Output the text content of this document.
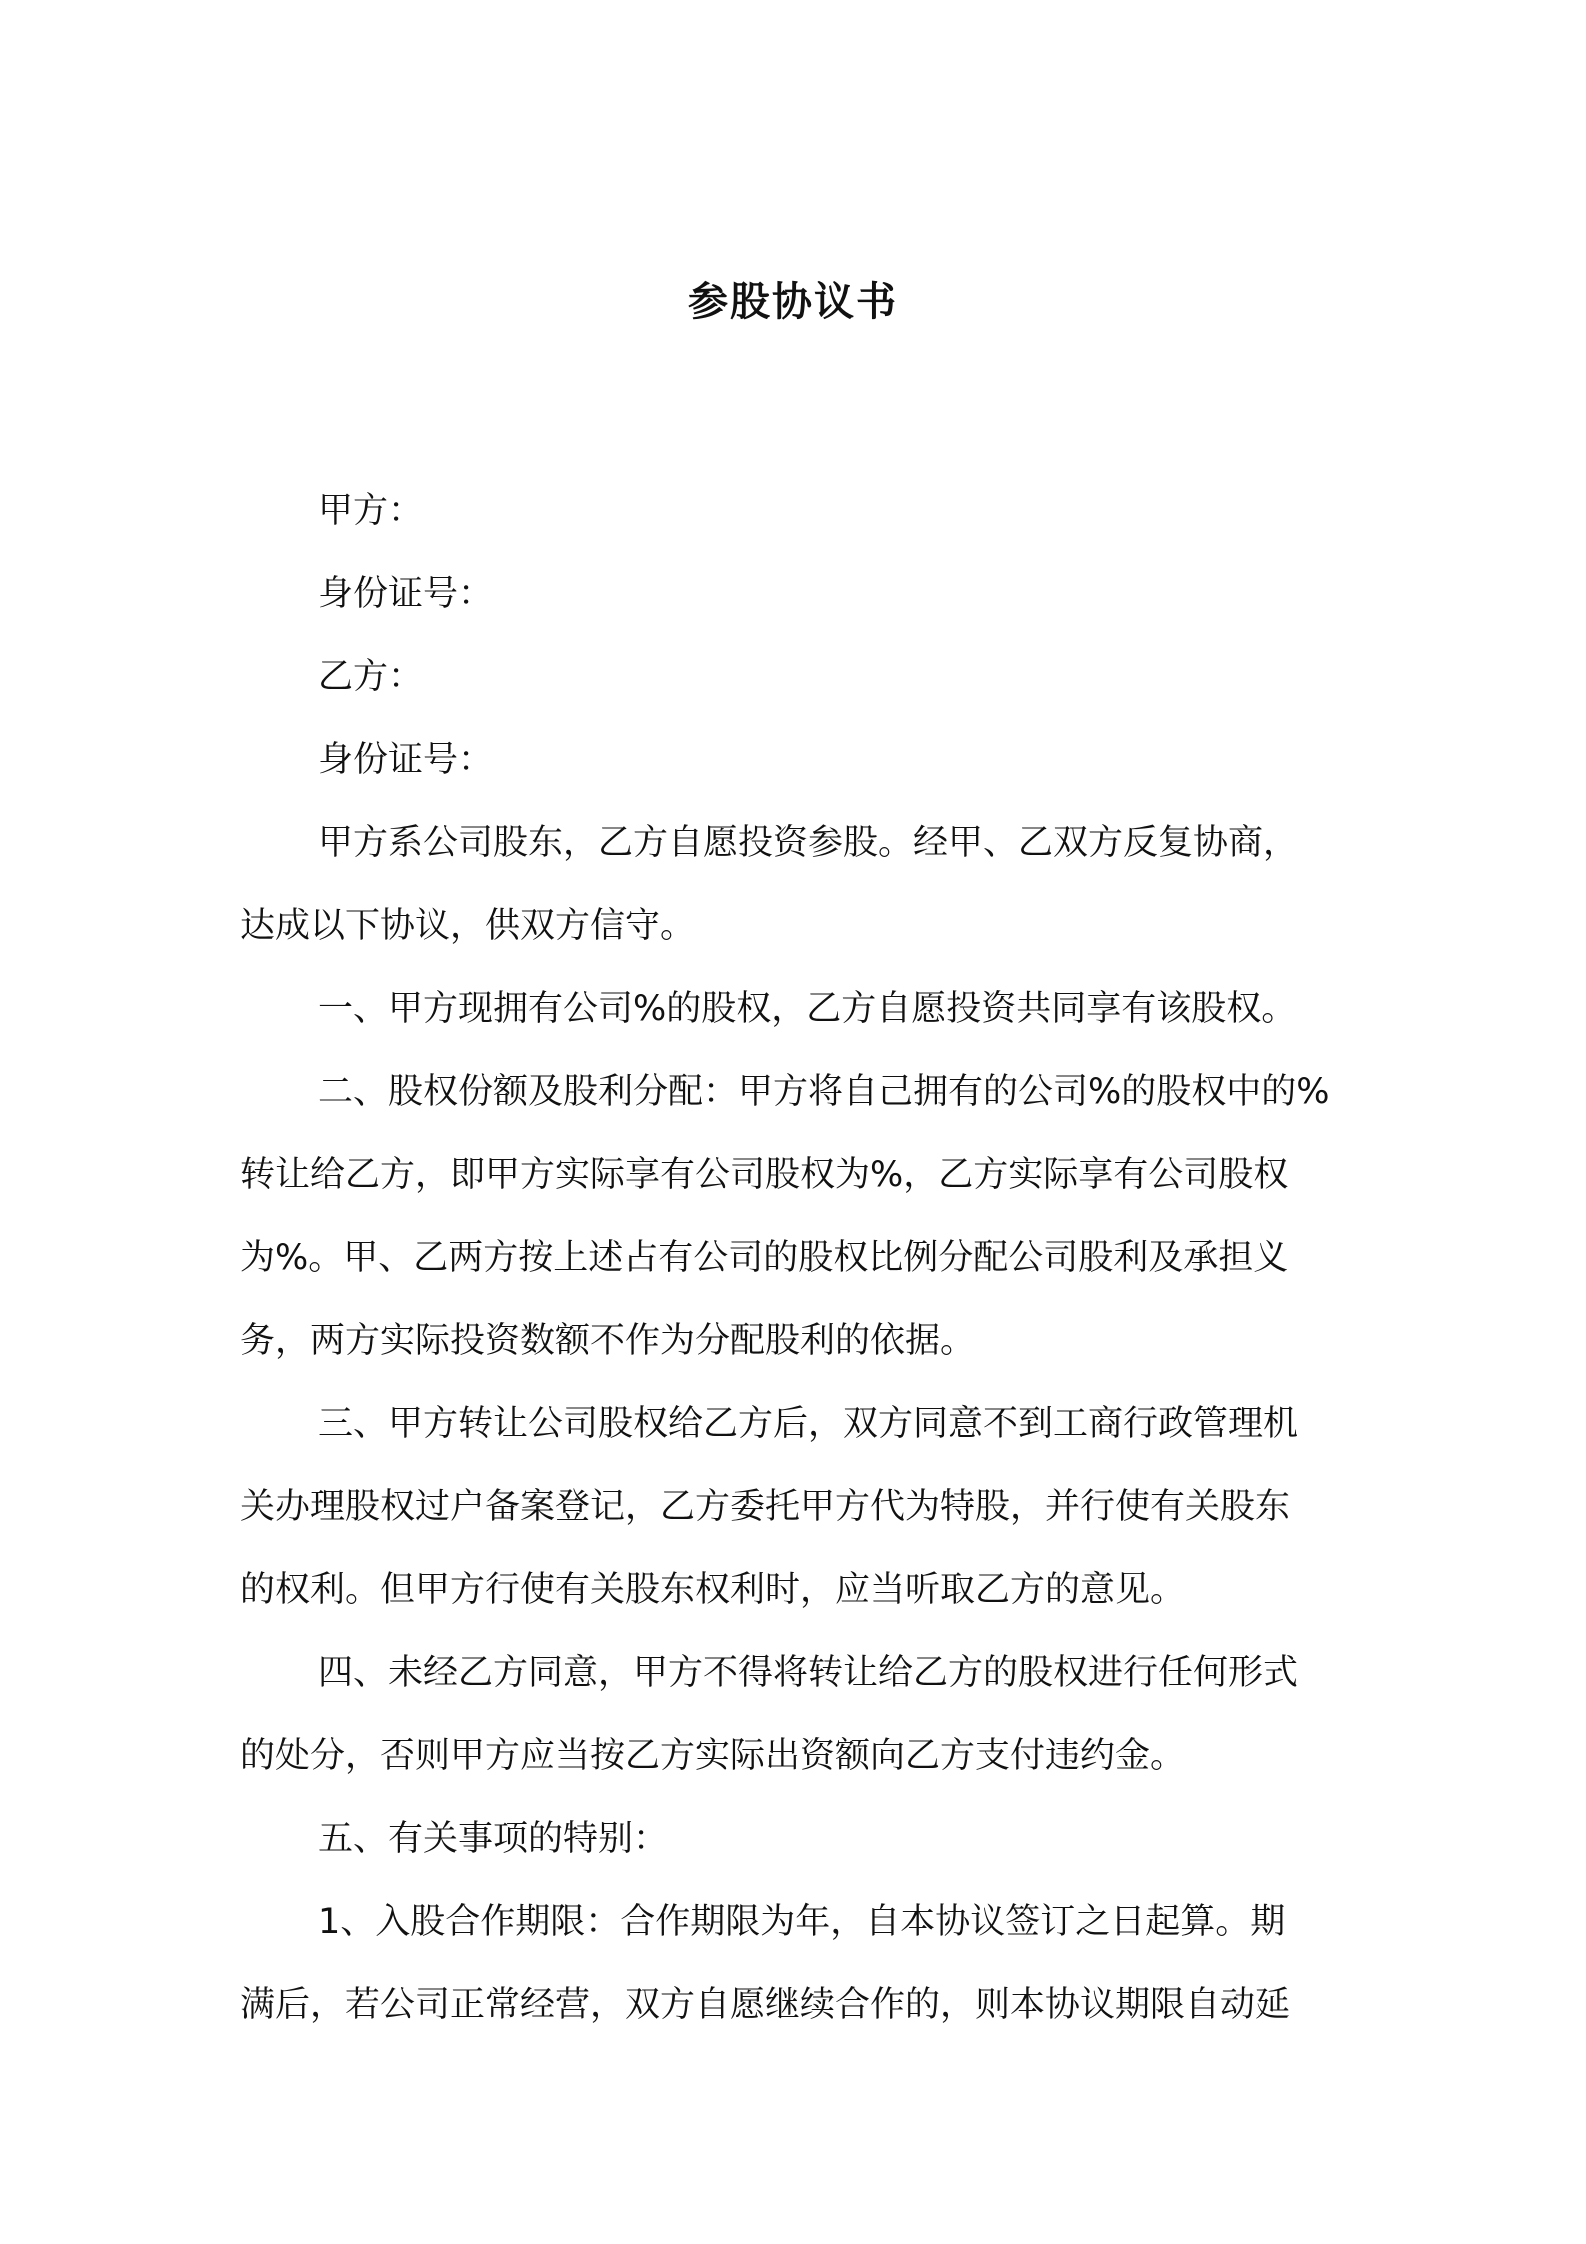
参股协议书

甲方：

身份证号：

乙方：

身份证号：

甲方系公司股东，乙方自愿投资参股。经甲、乙双方反复协商，
达成以下协议，供双方信守。

一、甲方现拥有公司%的股权，乙方自愿投资共同享有该股权。

二、股权份额及股利分配：甲方将自己拥有的公司%的股权中的%
转让给乙方，即甲方实际享有公司股权为%，乙方实际享有公司股权
为%。甲、乙两方按上述占有公司的股权比例分配公司股利及承担义
务，两方实际投资数额不作为分配股利的依据。

三、甲方转让公司股权给乙方后，双方同意不到工商行政管理机
关办理股权过户备案登记，乙方委托甲方代为特股，并行使有关股东
的权利。但甲方行使有关股东权利时，应当听取乙方的意见。

四、未经乙方同意，甲方不得将转让给乙方的股权进行任何形式
的处分，否则甲方应当按乙方实际出资额向乙方支付违约金。

五、有关事项的特别：

1、入股合作期限：合作期限为年，自本协议签订之日起算。期
满后，若公司正常经营，双方自愿继续合作的，则本协议期限自动延
